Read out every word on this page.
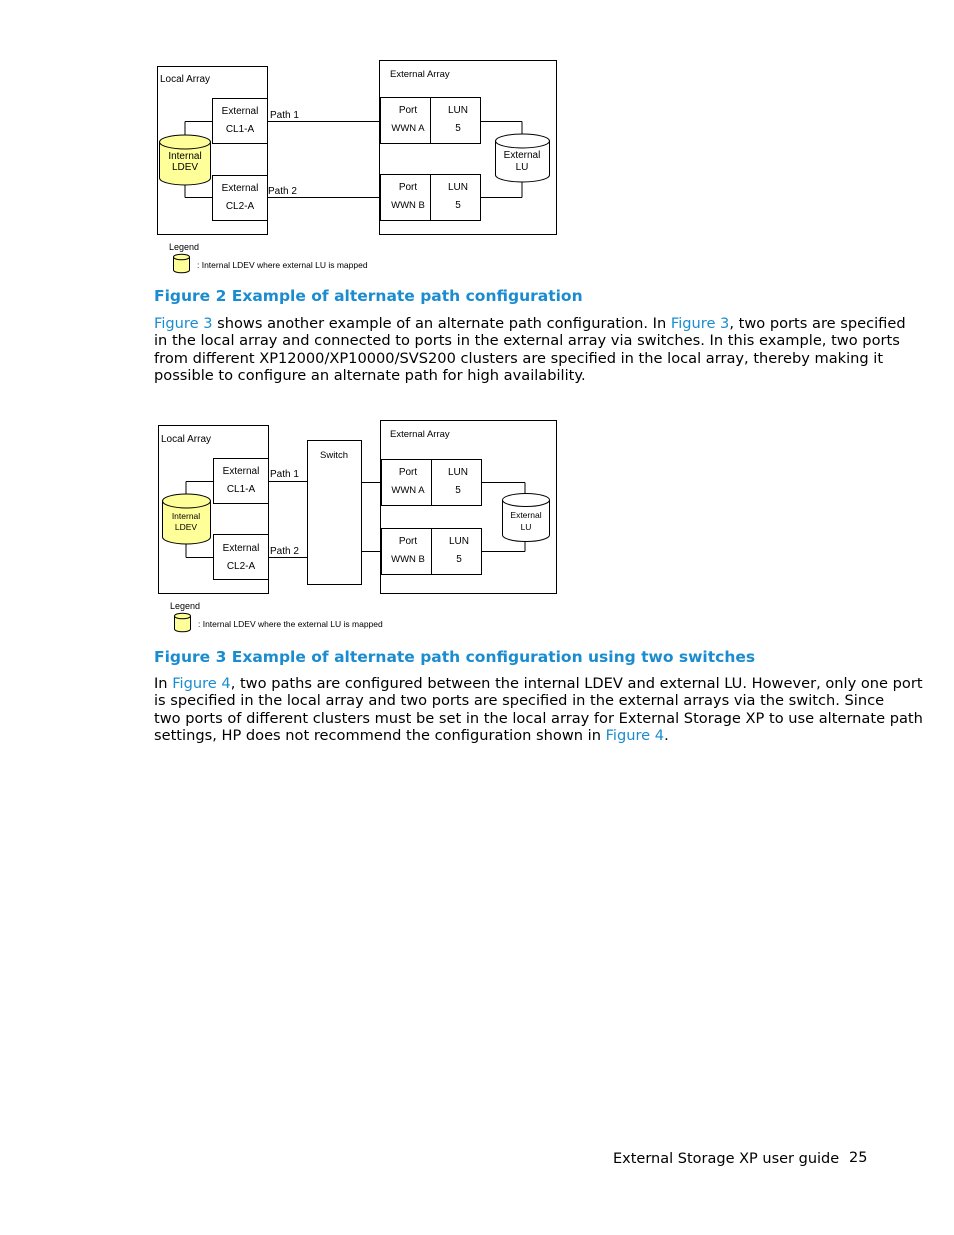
Local Array	External Array
External
CL1-A
External
CL2-A
Path 1
Path 2
Port
WWN A
LUN
5
Port
WWN B
LUN
5
Internal
LDEV
External
LU
Legend
: Internal LDEV where external LU is mapped
Local Array	External Array
Switch
External
CL1-A
External
CL2-A
Path 1
Path 2
Port
WWN A
LUN
5
Port
WWN B
LUN
5
Internal
LDEV
External
LU
Legend
: Internal LDEV where the external LU is mapped
Figure 2 Example of alternate path configuration
Figure 3 shows another example of an alternate path configuration. In Figure 3, two ports are specified
in the local array and connected to ports in the external array via switches. In this example, two ports
from different XP12000/XP10000/SVS200 clusters are specified in the local array, thereby making it
possible to configure an alternate path for high availability.
Figure 3 Example of alternate path configuration using two switches
In Figure 4, two paths are configured between the internal LDEV and external LU. However, only one port
is specified in the local array and two ports are specified in the external arrays via the switch. Since
two ports of different clusters must be set in the local array for External Storage XP to use alternate path
settings, HP does not recommend the configuration shown in Figure 4.
External Storage XP user guide 25
